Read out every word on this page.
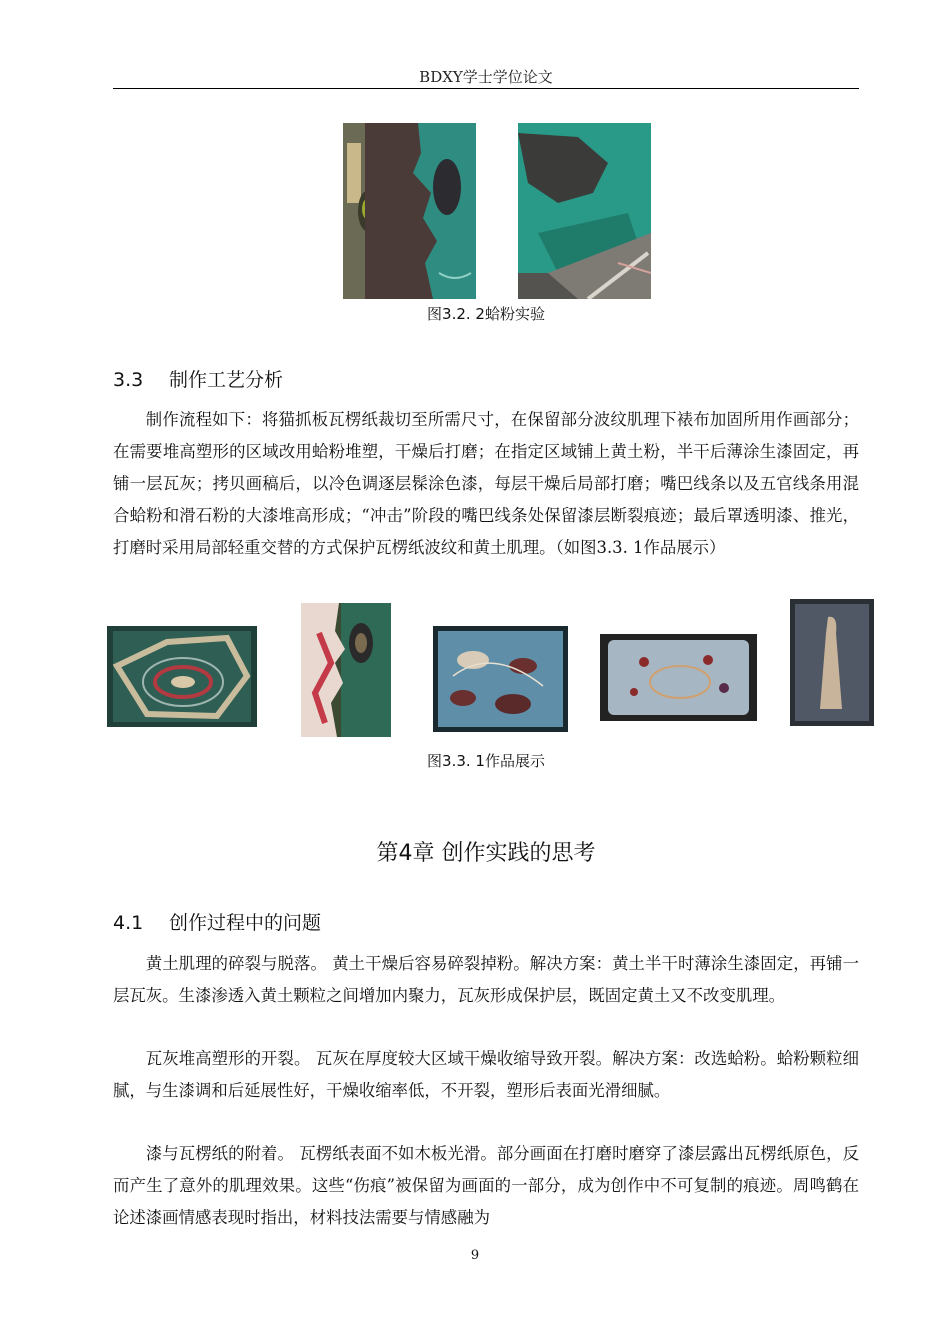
BDXY学士学位论文
图3.2. 2蛤粉实验
3.3 制作工艺分析

制作流程如下：将猫抓板瓦楞纸裁切至所需尺寸，在保留部分波纹肌理下裱布加固所用作画部分；在需要堆高塑形的区域改用蛤粉堆塑，干燥后打磨；在指定区域铺上黄土粉，半干后薄涂生漆固定，再铺一层瓦灰；拷贝画稿后，以冷色调逐层髹涂色漆，每层干燥后局部打磨；嘴巴线条以及五官线条用混合蛤粉和滑石粉的大漆堆高形成；“冲击”阶段的嘴巴线条处保留漆层断裂痕迹；最后罩透明漆、推光，打磨时采用局部轻重交替的方式保护瓦楞纸波纹和黄土肌理。（如图3.3. 1作品展示）

图3.3. 1作品展示
第4章 创作实践的思考
4.1 创作过程中的问题

黄土肌理的碎裂与脱落。 黄土干燥后容易碎裂掉粉。解决方案：黄土半干时薄涂生漆固定，再铺一层瓦灰。生漆渗透入黄土颗粒之间增加内聚力，瓦灰形成保护层，既固定黄土又不改变肌理。

瓦灰堆高塑形的开裂。 瓦灰在厚度较大区域干燥收缩导致开裂。解决方案：改选蛤粉。蛤粉颗粒细腻，与生漆调和后延展性好，干燥收缩率低，不开裂，塑形后表面光滑细腻。

漆与瓦楞纸的附着。 瓦楞纸表面不如木板光滑。部分画面在打磨时磨穿了漆层露出瓦楞纸原色，反而产生了意外的肌理效果。这些“伤痕”被保留为画面的一部分，成为创作中不可复制的痕迹。周鸣鹤在论述漆画情感表现时指出，材料技法需要与情感融为

9
